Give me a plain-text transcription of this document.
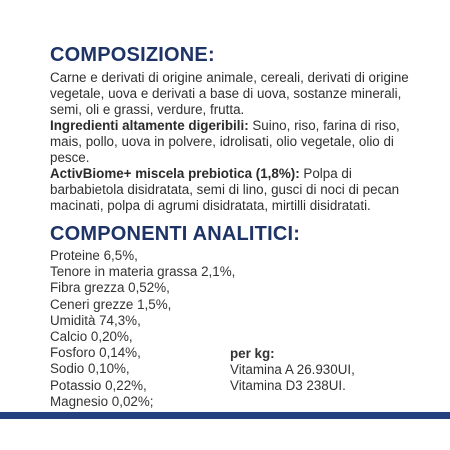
COMPOSIZIONE:

Carne e derivati di origine animale, cereali, derivati di origine vegetale, uova e derivati a base di uova, sostanze minerali, semi, oli e grassi, verdure, frutta.

Ingredienti altamente digeribili: Suino, riso, farina di riso, mais, pollo, uova in polvere, idrolisati, olio vegetale, olio di pesce.

ActivBiome+ miscela prebiotica (1,8%): Polpa di barbabietola disidratata, semi di lino, gusci di noci di pecan macinati, polpa di agrumi disidratata, mirtilli disidratati.

COMPONENTI ANALITICI:
Proteine 6,5%,
Tenore in materia grassa 2,1%,
Fibra grezza 0,52%,
Ceneri grezze 1,5%,
Umidità 74,3%,
Calcio 0,20%,
Fosforo 0,14%,
Sodio 0,10%,
Potassio 0,22%,
Magnesio 0,02%;
per kg:
Vitamina A 26.930UI,
Vitamina D3 238UI.
